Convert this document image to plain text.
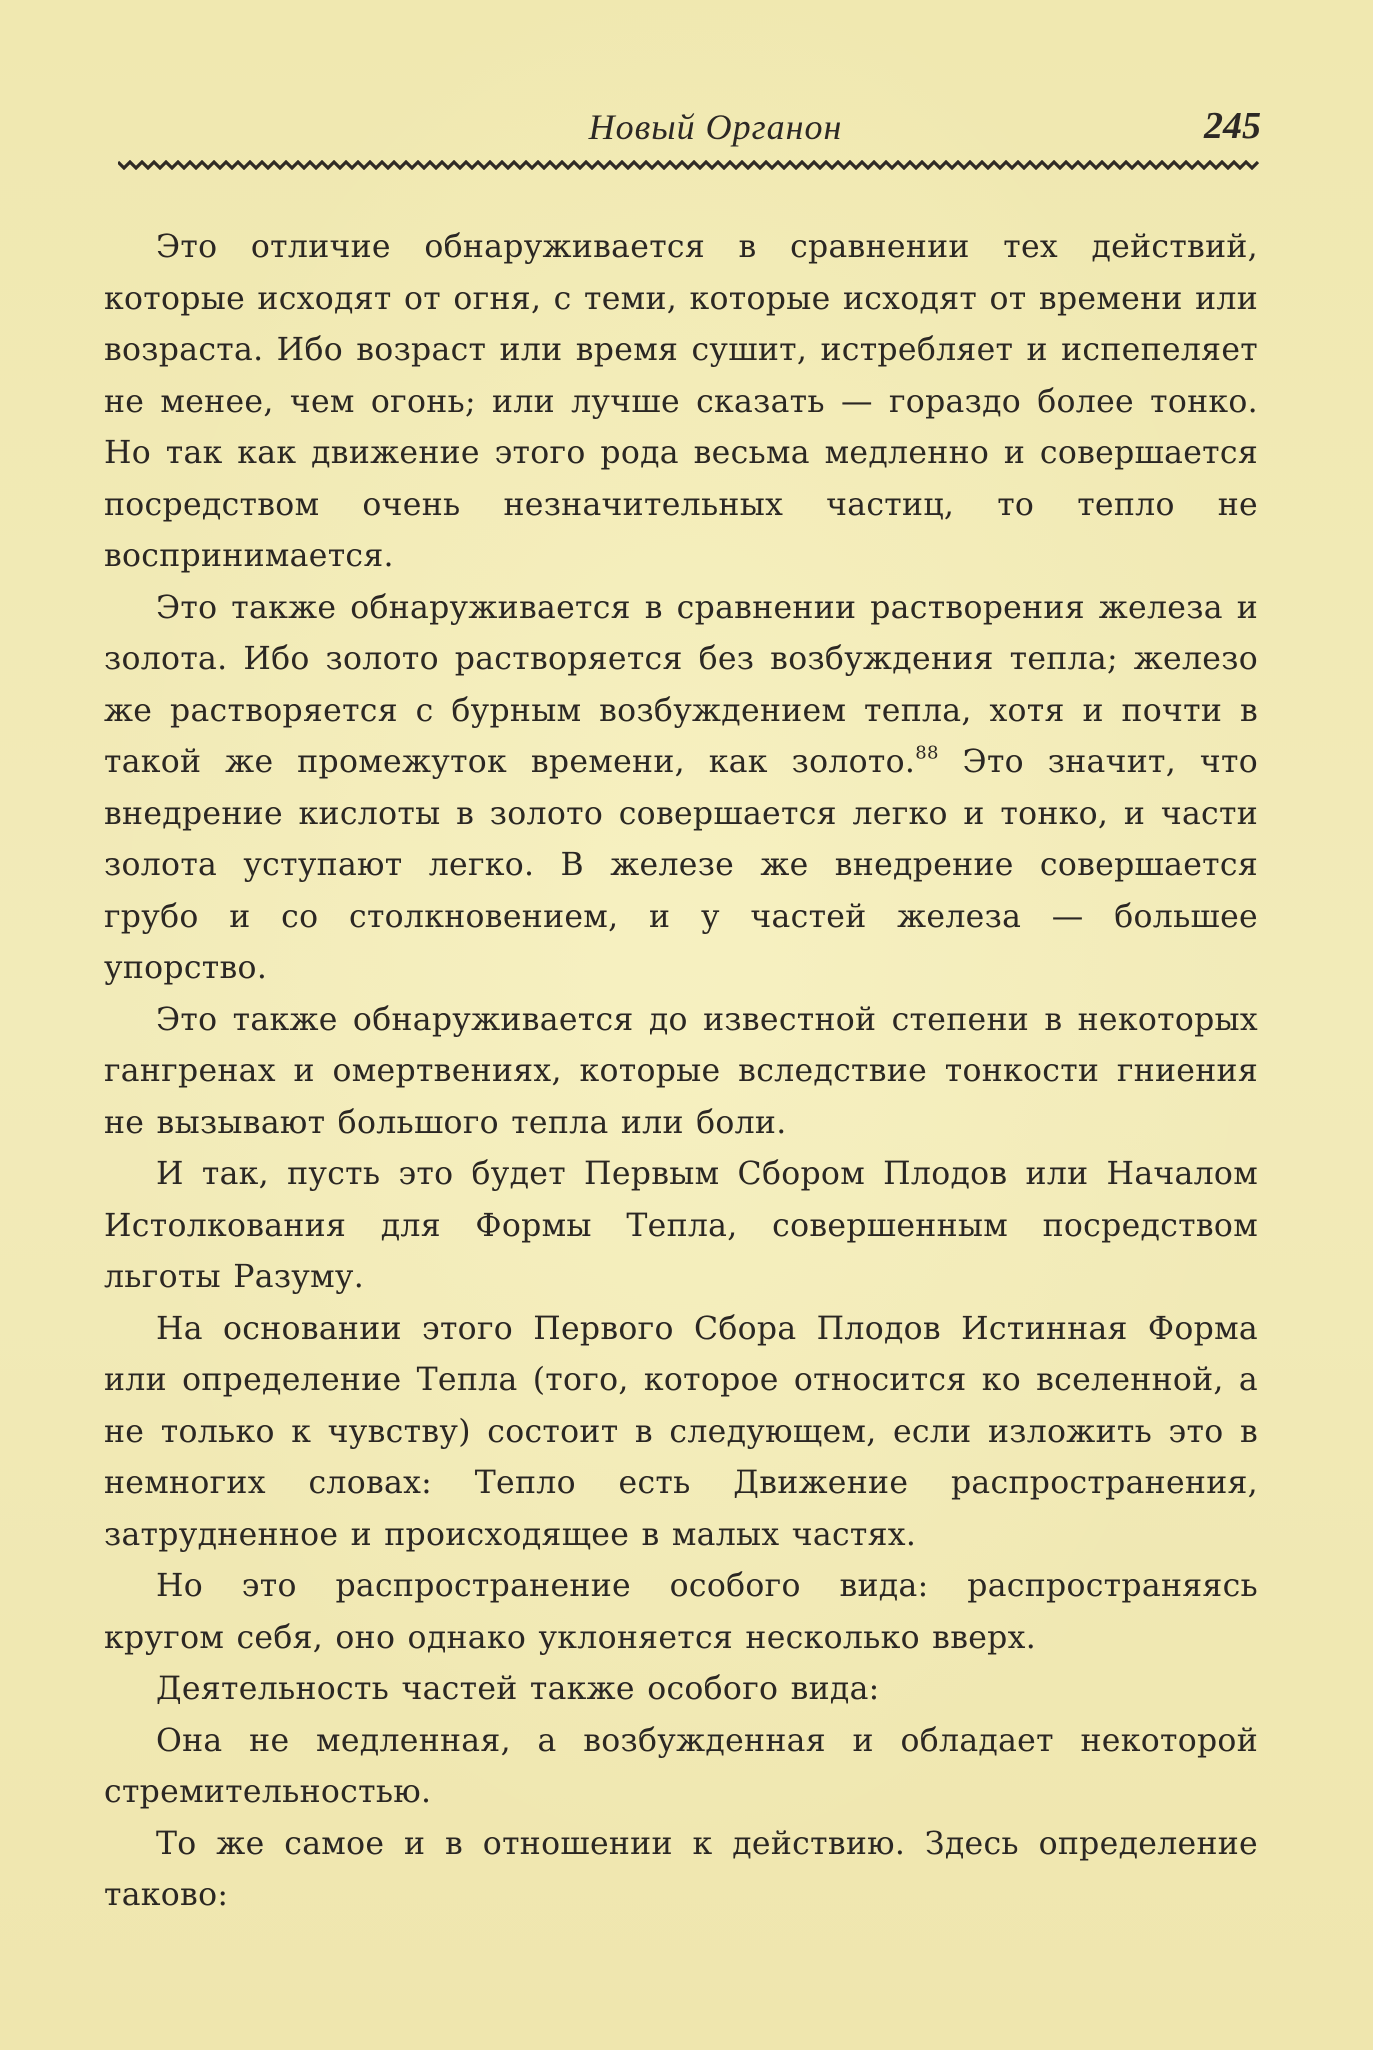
Новый Органон	245

Это отличие обнаруживается в сравнении тех действий, которые исходят от огня, с теми, которые исходят от времени или возраста. Ибо возраст или время сушит, истребляет и испепеляет не менее, чем огонь; или лучше сказать — гораздо более тонко. Но так как движение этого рода весьма медленно и совершается посредством очень незначительных частиц, то тепло не воспринимается.

Это также обнаруживается в сравнении растворения железа и золота. Ибо золото растворяется без возбуждения тепла; железо же растворяется с бурным возбуждением тепла, хотя и почти в такой же промежуток времени, как золото.$^{88}$ Это значит, что внедрение кислоты в золото совершается легко и тонко, и части золота уступают легко. В железе же внедрение совершается грубо и со столкновением, и у частей железа — большее упорство.

Это также обнаруживается до известной степени в некоторых гангренах и омертвениях, которые вследствие тонкости гниения не вызывают большого тепла или боли.

И так, пусть это будет Первым Сбором Плодов или Началом Истолкования для Формы Тепла, совершенным посредством льготы Разуму.

На основании этого Первого Сбора Плодов Истинная Форма или определение Тепла (того, которое относится ко вселенной, а не только к чувству) состоит в следующем, если изложить это в немногих словах: Тепло есть Движение распространения, затрудненное и происходящее в малых частях.

Но это распространение особого вида: распространяясь кругом себя, оно однако уклоняется несколько вверх.

Деятельность частей также особого вида:

Она не медленная, а возбужденная и обладает некоторой стремительностью.

То же самое и в отношении к действию. Здесь определение таково:
